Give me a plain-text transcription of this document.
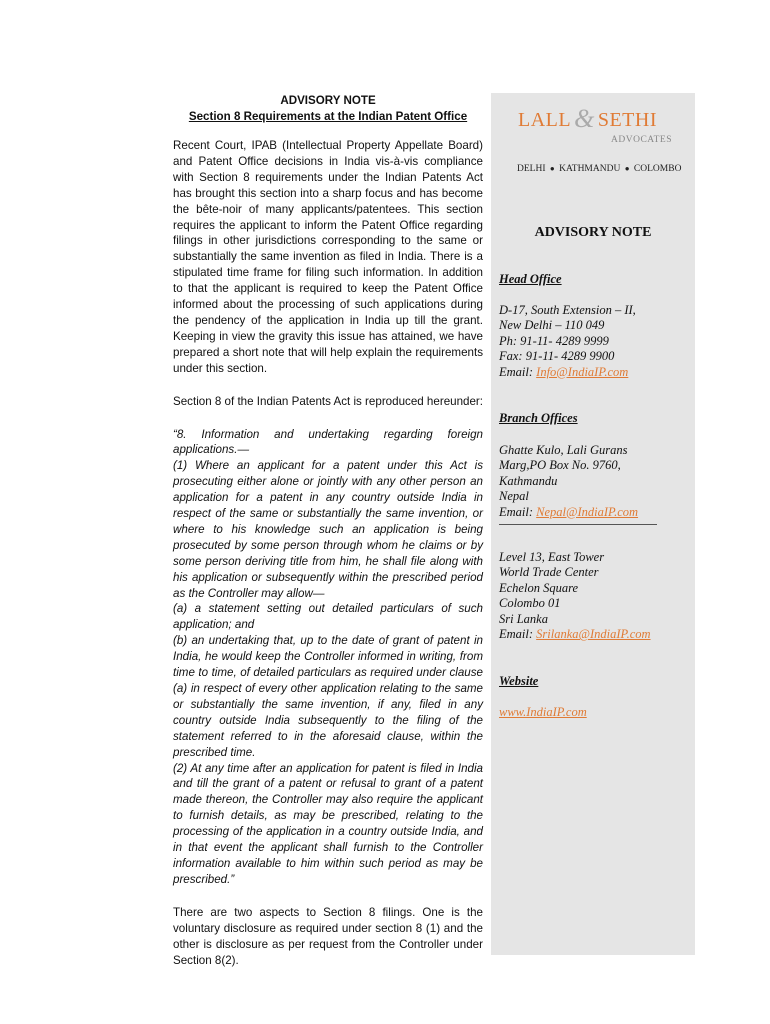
ADVISORY NOTE
Section 8 Requirements at the Indian Patent Office

Recent Court, IPAB (Intellectual Property Appellate Board) and Patent Office decisions in India vis-à-vis compliance with Section 8 requirements under the Indian Patents Act has brought this section into a sharp focus and has become the bête-noir of many applicants/patentees. This section requires the applicant to inform the Patent Office regarding filings in other jurisdictions corresponding to the same or substantially the same invention as filed in India. There is a stipulated time frame for filing such information. In addition to that the applicant is required to keep the Patent Office informed about the processing of such applications during the pendency of the application in India up till the grant. Keeping in view the gravity this issue has attained, we have prepared a short note that will help explain the requirements under this section.

Section 8 of the Indian Patents Act is reproduced hereunder:

“8. Information and undertaking regarding foreign applications.—
(1) Where an applicant for a patent under this Act is prosecuting either alone or jointly with any other person an application for a patent in any country outside India in respect of the same or substantially the same invention, or where to his knowledge such an application is being prosecuted by some person through whom he claims or by some person deriving title from him, he shall file along with his application or subsequently within the prescribed period as the Controller may allow—
(a) a statement setting out detailed particulars of such application; and
(b) an undertaking that, up to the date of grant of patent in India, he would keep the Controller informed in writing, from time to time, of detailed particulars as required under clause (a) in respect of every other application relating to the same or substantially the same invention, if any, filed in any country outside India subsequently to the filing of the statement referred to in the aforesaid clause, within the prescribed time.
(2) At any time after an application for patent is filed in India and till the grant of a patent or refusal to grant of a patent made thereon, the Controller may also require the applicant to furnish details, as may be prescribed, relating to the processing of the application in a country outside India, and in that event the applicant shall furnish to the Controller information available to him within such period as may be prescribed.”

There are two aspects to Section 8 filings. One is the voluntary disclosure as required under section 8 (1) and the other is disclosure as per request from the Controller under Section 8(2).

LALL & SETHI
ADVOCATES
DELHI ● KATHMANDU ● COLOMBO
ADVISORY NOTE
Head Office
D-17, South Extension – II,
New Delhi – 110 049
Ph: 91-11- 4289 9999
Fax: 91-11- 4289 9900
Email: Info@IndiaIP.com
Branch Offices
Ghatte Kulo, Lali Gurans
Marg,PO Box No. 9760,
Kathmandu
Nepal
Email: Nepal@IndiaIP.com
Level 13, East Tower
World Trade Center
Echelon Square
Colombo 01
Sri Lanka
Email: Srilanka@IndiaIP.com
Website
www.IndiaIP.com
